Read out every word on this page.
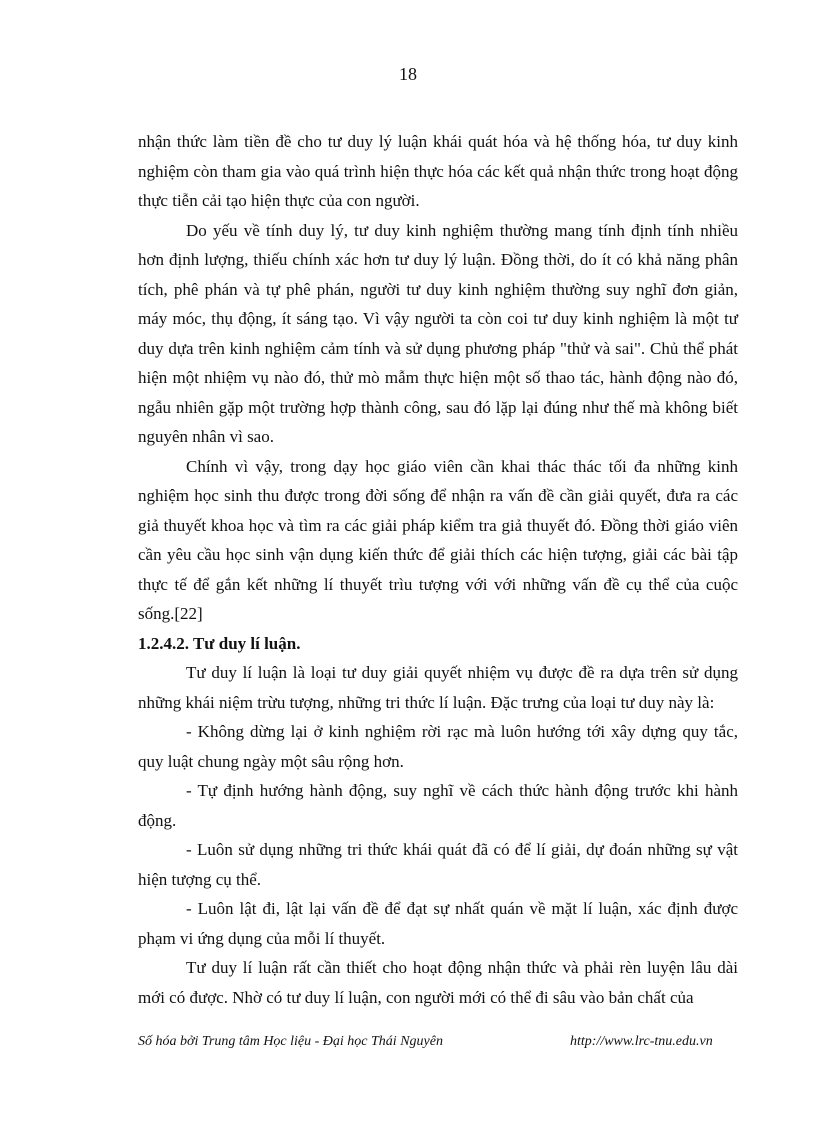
18

nhận thức làm tiền đề cho tư duy lý luận khái quát hóa và hệ thống hóa, tư duy kinh nghiệm còn tham gia vào quá trình hiện thực hóa các kết quả nhận thức trong hoạt động thực tiễn cải tạo hiện thực của con người.

Do yếu về tính duy lý, tư duy kinh nghiệm thường mang tính định tính nhiều hơn định lượng, thiếu chính xác hơn tư duy lý luận. Đồng thời, do ít có khả năng phân tích, phê phán và tự phê phán, người tư duy kinh nghiệm thường suy nghĩ đơn giản, máy móc, thụ động, ít sáng tạo. Vì vậy người ta còn coi tư duy kinh nghiệm là một tư duy dựa trên kinh nghiệm cảm tính và sử dụng phương pháp "thử và sai". Chủ thể phát hiện một nhiệm vụ nào đó, thử mò mẫm thực hiện một số thao tác, hành động nào đó, ngẫu nhiên gặp một trường hợp thành công, sau đó lặp lại đúng như thế mà không biết nguyên nhân vì sao.

Chính vì vậy, trong dạy học giáo viên cần khai thác thác tối đa những kinh nghiệm học sinh thu được trong đời sống để nhận ra vấn đề cần giải quyết, đưa ra các giả thuyết khoa học và tìm ra các giải pháp kiểm tra giả thuyết đó. Đồng thời giáo viên cần yêu cầu học sinh vận dụng kiến thức để giải thích các hiện tượng, giải các bài tập thực tế để gắn kết những lí thuyết trìu tượng với với những vấn đề cụ thể của cuộc sống.[22]

1.2.4.2. Tư duy lí luận.

Tư duy lí luận là loại tư duy giải quyết nhiệm vụ được đề ra dựa trên sử dụng những khái niệm trừu tượng, những tri thức lí luận. Đặc trưng của loại tư duy này là:

- Không dừng lại ở kinh nghiệm rời rạc mà luôn hướng tới xây dựng quy tắc, quy luật chung ngày một sâu rộng hơn.

- Tự định hướng hành động, suy nghĩ về cách thức hành động trước khi hành động.

- Luôn sử dụng những tri thức khái quát đã có để lí giải, dự đoán những sự vật hiện tượng cụ thể.

- Luôn lật đi, lật lại vấn đề để đạt sự nhất quán về mặt lí luận, xác định được phạm vi ứng dụng của mỗi lí thuyết.

Tư duy lí luận rất cần thiết cho hoạt động nhận thức và phải rèn luyện lâu dài mới có được. Nhờ có tư duy lí luận, con người mới có thể đi sâu vào bản chất của

Số hóa bởi Trung tâm Học liệu - Đại học Thái Nguyên	http://www.lrc-tnu.edu.vn
